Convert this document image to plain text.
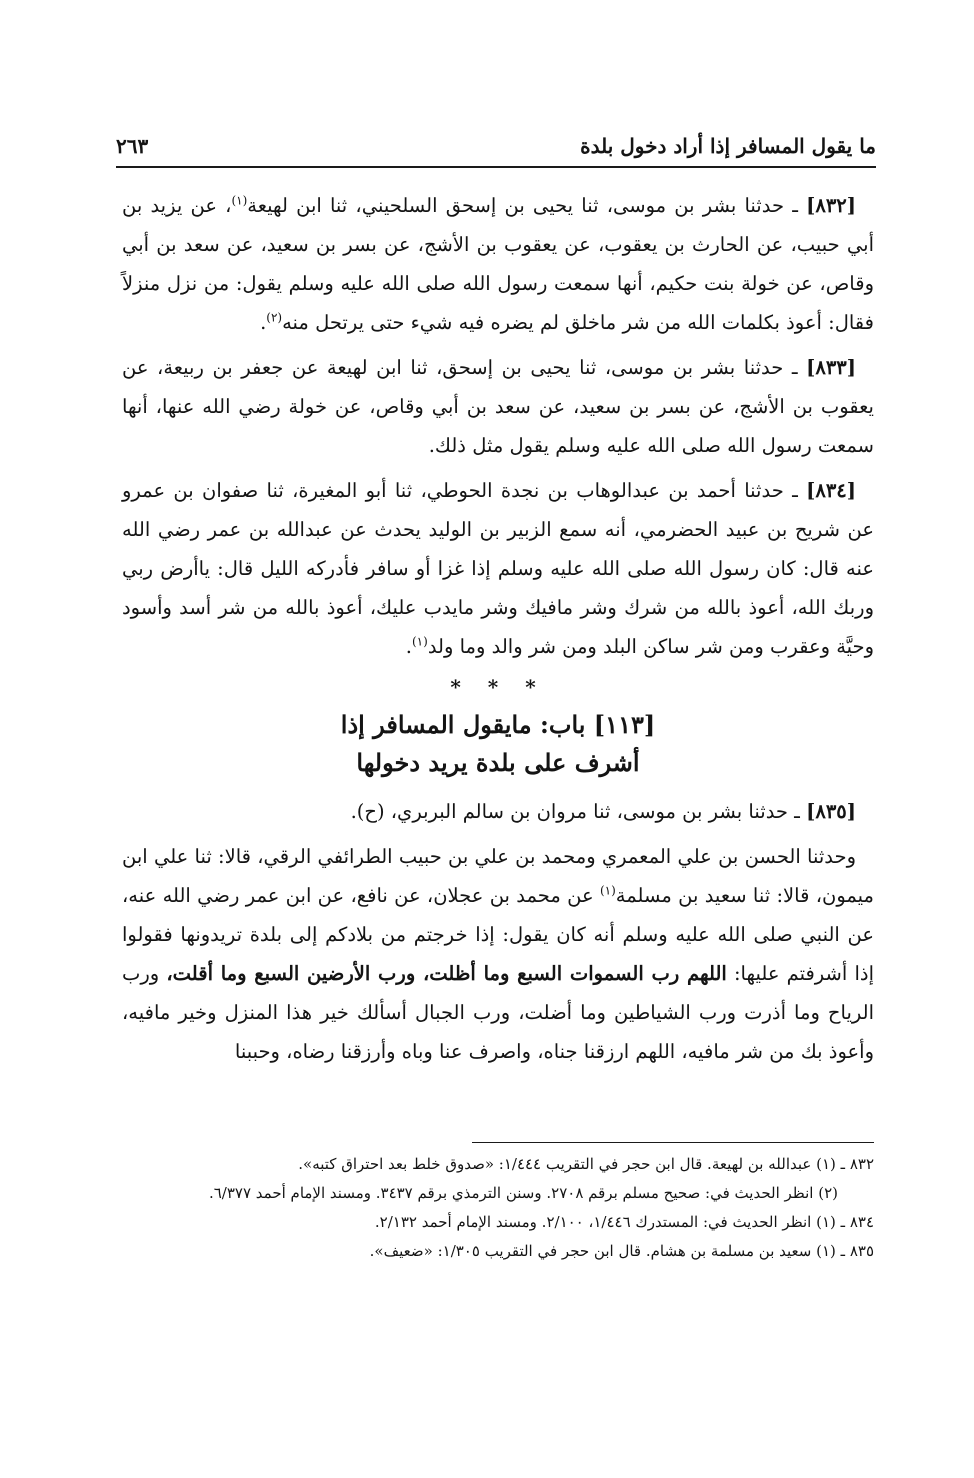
ما يقول المسافر إذا أراد دخول بلدة
٢٦٣

[٨٣٢] ـ حدثنا بشر بن موسى، ثنا يحيى بن إسحق السلحيني، ثنا ابن لهيعة$^{(١)}$، عن يزيد بن أبي حبيب، عن الحارث بن يعقوب، عن يعقوب بن الأشج، عن بسر بن سعيد، عن سعد بن أبي وقاص، عن خولة بنت حكيم، أنها سمعت رسول الله صلى الله عليه وسلم يقول: من نزل منزلاً فقال: أعوذ بكلمات الله من شر ماخلق لم يضره فيه شيء حتى يرتحل منه$^{(٢)}$.

[٨٣٣] ـ حدثنا بشر بن موسى، ثنا يحيى بن إسحق، ثنا ابن لهيعة عن جعفر بن ربيعة، عن يعقوب بن الأشج، عن بسر بن سعيد، عن سعد بن أبي وقاص، عن خولة رضي الله عنها، أنها سمعت رسول الله صلى الله عليه وسلم يقول مثل ذلك.

[٨٣٤] ـ حدثنا أحمد بن عبدالوهاب بن نجدة الحوطي، ثنا أبو المغيرة، ثنا صفوان بن عمرو عن شريح بن عبيد الحضرمي، أنه سمع الزبير بن الوليد يحدث عن عبدالله بن عمر رضي الله عنه قال: كان رسول الله صلى الله عليه وسلم إذا غزا أو سافر فأدركه الليل قال: ياأرض ربي وربك الله، أعوذ بالله من شرك وشر مافيك وشر مايدب عليك، أعوذ بالله من شر أسد وأسود وحيَّة وعقرب ومن شر ساكن البلد ومن شر والد وما ولد$^{(١)}$.

* * *
[١١٣] باب: مايقول المسافر إذا
أشرف على بلدة يريد دخولها

[٨٣٥] ـ حدثنا بشر بن موسى، ثنا مروان بن سالم البربري، (ح).

وحدثنا الحسن بن علي المعمري ومحمد بن علي بن حبيب الطرائفي الرقي، قالا: ثنا علي ابن ميمون، قالا: ثنا سعيد بن مسلمة$^{(١)}$ عن محمد بن عجلان، عن نافع، عن ابن عمر رضي الله عنه، عن النبي صلى الله عليه وسلم أنه كان يقول: إذا خرجتم من بلادكم إلى بلدة تريدونها فقولوا إذا أشرفتم عليها: اللهم رب السموات السبع وما أظلت، ورب الأرضين السبع وما أقلت، ورب الرياح وما أذرت ورب الشياطين وما أضلت، ورب الجبال أسألك خير هذا المنزل وخير مافيه، وأعوذ بك من شر مافيه، اللهم ارزقنا جناه، واصرف عنا وباه وأرزقنا رضاه، وحببنا

٨٣٢ ـ (١) عبدالله بن لهيعة. قال ابن حجر في التقريب ١/٤٤٤: «صدوق خلط بعد احتراق كتبه».

(٢) انظر الحديث في: صحيح مسلم برقم ٢٧٠٨. وسنن الترمذي برقم ٣٤٣٧. ومسند الإمام أحمد ٦/٣٧٧.

٨٣٤ ـ (١) انظر الحديث في: المستدرك ١/٤٤٦، ٢/١٠٠. ومسند الإمام أحمد ٢/١٣٢.

٨٣٥ ـ (١) سعيد بن مسلمة بن هشام. قال ابن حجر في التقريب ١/٣٠٥: «ضعيف».
